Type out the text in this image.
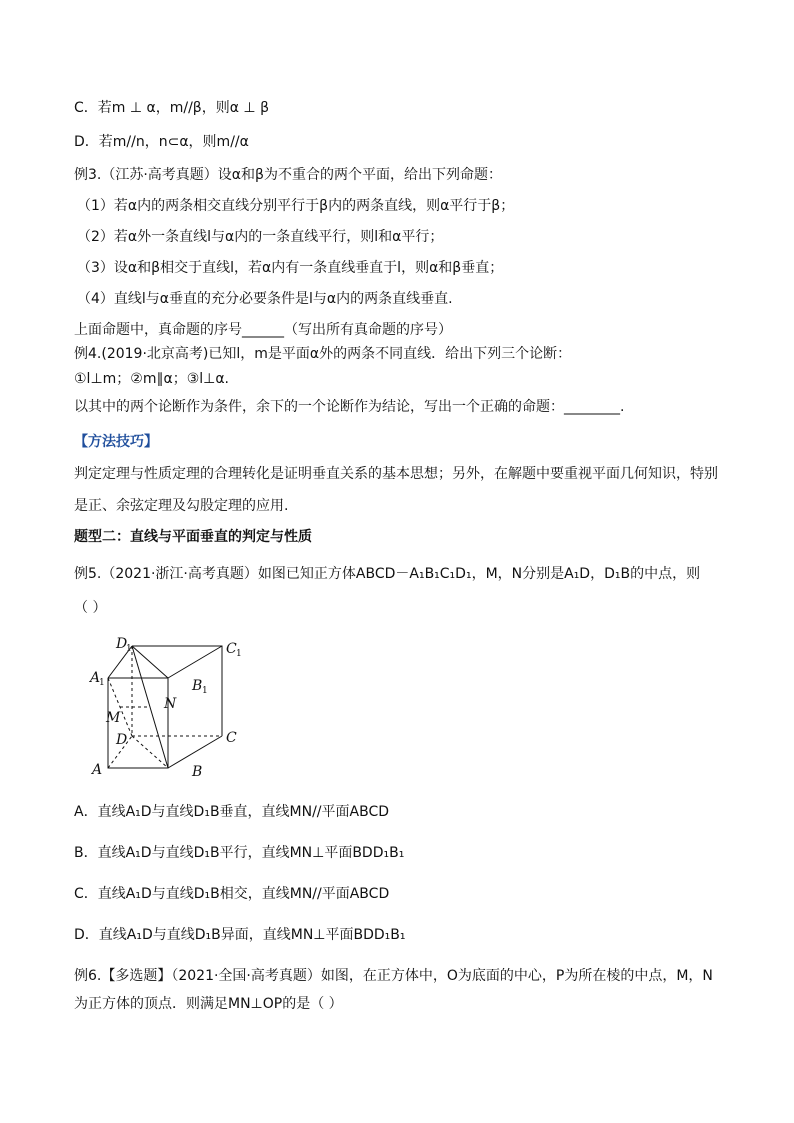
C．若m ⊥ α，m//β，则α ⊥ β
D．若m//n，n⊂α，则m//α
例3.（江苏·高考真题）设α和β为不重合的两个平面，给出下列命题：
（1）若α内的两条相交直线分别平行于β内的两条直线，则α平行于β；
（2）若α外一条直线l与α内的一条直线平行，则l和α平行；
（3）设α和β相交于直线l，若α内有一条直线垂直于l，则α和β垂直；
（4）直线l与α垂直的充分必要条件是l与α内的两条直线垂直.
上面命题中，真命题的序号______（写出所有真命题的序号）
例4.(2019·北京高考)已知l，m是平面α外的两条不同直线．给出下列三个论断：
①l⊥m；②m∥α；③l⊥α.
以其中的两个论断作为条件，余下的一个论断作为结论，写出一个正确的命题：________.
【方法技巧】
判定定理与性质定理的合理转化是证明垂直关系的基本思想；另外，在解题中要重视平面几何知识，特别
是正、余弦定理及勾股定理的应用.
题型二：直线与平面垂直的判定与性质
例5.（2021·浙江·高考真题）如图已知正方体ABCD－A₁B₁C₁D₁，M，N分别是A₁D，D₁B的中点，则
（ ）
D
1	C 1
A
1	B 1
M
N
D	C
A	B
A．直线A₁D与直线D₁B垂直，直线MN//平面ABCD
B．直线A₁D与直线D₁B平行，直线MN⊥平面BDD₁B₁
C．直线A₁D与直线D₁B相交，直线MN//平面ABCD
D．直线A₁D与直线D₁B异面，直线MN⊥平面BDD₁B₁
例6.【多选题】（2021·全国·高考真题）如图，在正方体中，O为底面的中心，P为所在棱的中点，M，N
为正方体的顶点．则满足MN⊥OP的是（ ）
